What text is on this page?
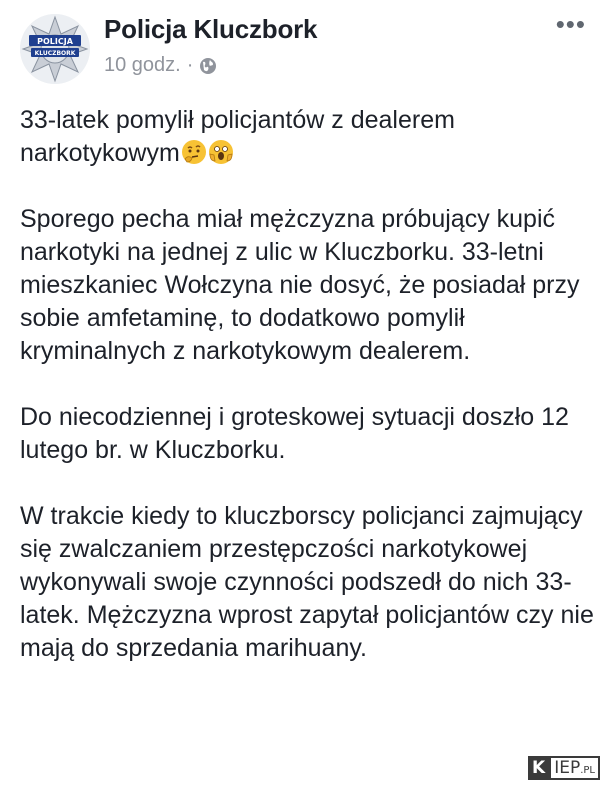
POLICJA
KLUCZBORK
Policja Kluczbork
10 godz. ·
•••

33-latek pomylił policjantów z dealerem narkotykowym

Sporego pecha miał mężczyzna próbujący kupić narkotyki na jednej z ulic w Kluczborku. 33-letni mieszkaniec Wołczyna nie dosyć, że posiadał przy sobie amfetaminę, to dodatkowo pomylił kryminalnych z narkotykowym dealerem.

Do niecodziennej i groteskowej sytuacji doszło 12 lutego br. w Kluczborku.

W trakcie kiedy to kluczborscy policjanci zajmujący się zwalczaniem przestępczości narkotykowej wykonywali swoje czynności podszedł do nich 33-latek. Mężczyzna wprost zapytał policjantów czy nie mają do sprzedania marihuany.

K IEP.PL
